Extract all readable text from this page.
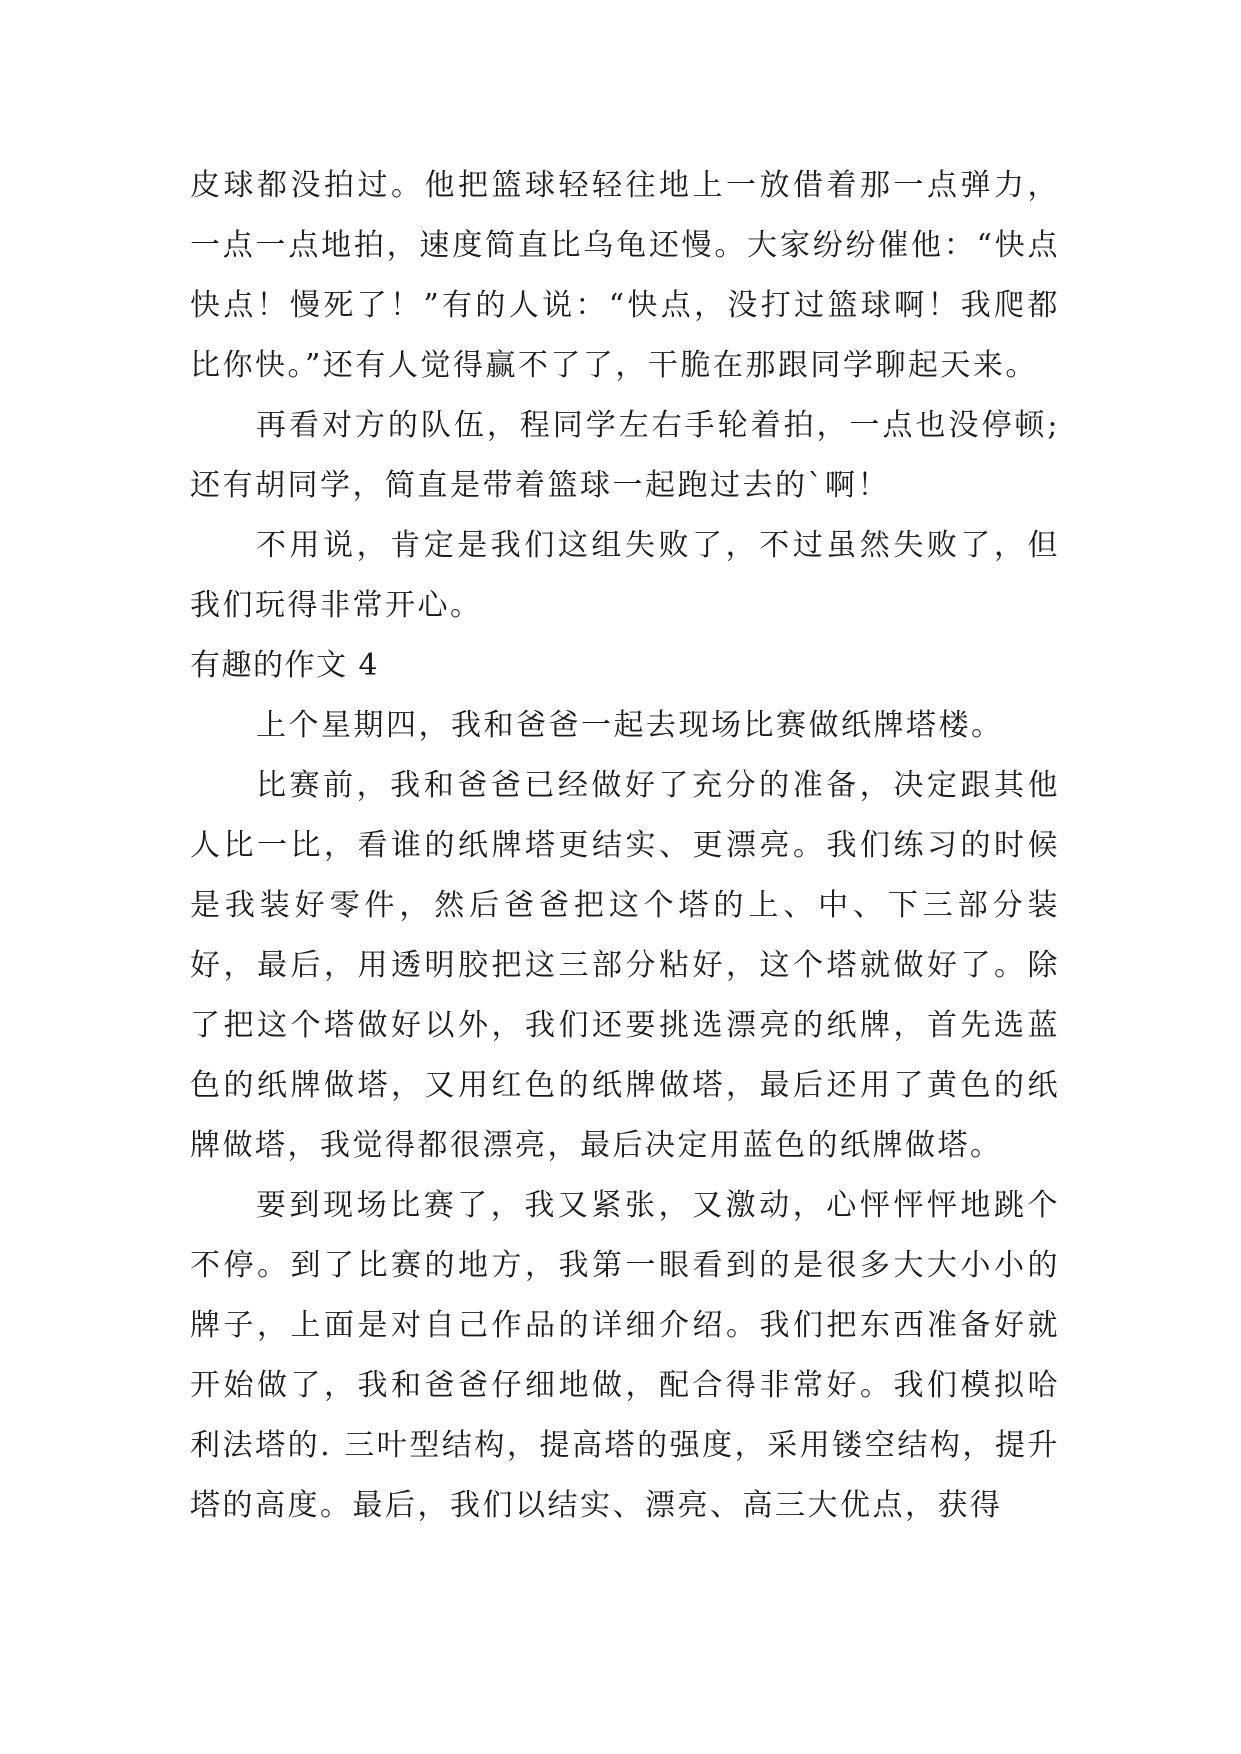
皮球都没拍过。他把篮球轻轻往地上一放借着那一点弹力，一点一点地拍，速度简直比乌龟还慢。大家纷纷催他：“快点快点！慢死了！”有的人说：“快点，没打过篮球啊！我爬都比你快。”还有人觉得赢不了了，干脆在那跟同学聊起天来。

再看对方的队伍，程同学左右手轮着拍，一点也没停顿;还有胡同学，简直是带着篮球一起跑过去的`啊！

不用说，肯定是我们这组失败了，不过虽然失败了，但我们玩得非常开心。

有趣的作文 4

上个星期四，我和爸爸一起去现场比赛做纸牌塔楼。

比赛前，我和爸爸已经做好了充分的准备，决定跟其他人比一比，看谁的纸牌塔更结实、更漂亮。我们练习的时候是我装好零件，然后爸爸把这个塔的上、中、下三部分装好，最后，用透明胶把这三部分粘好，这个塔就做好了。除了把这个塔做好以外，我们还要挑选漂亮的纸牌，首先选蓝色的纸牌做塔，又用红色的纸牌做塔，最后还用了黄色的纸牌做塔，我觉得都很漂亮，最后决定用蓝色的纸牌做塔。

要到现场比赛了，我又紧张，又激动，心怦怦怦地跳个不停。到了比赛的地方，我第一眼看到的是很多大大小小的牌子，上面是对自己作品的详细介绍。我们把东西准备好就开始做了，我和爸爸仔细地做，配合得非常好。我们模拟哈利法塔的. 三叶型结构，提高塔的强度，采用镂空结构，提升塔的高度。最后，我们以结实、漂亮、高三大优点，获得
